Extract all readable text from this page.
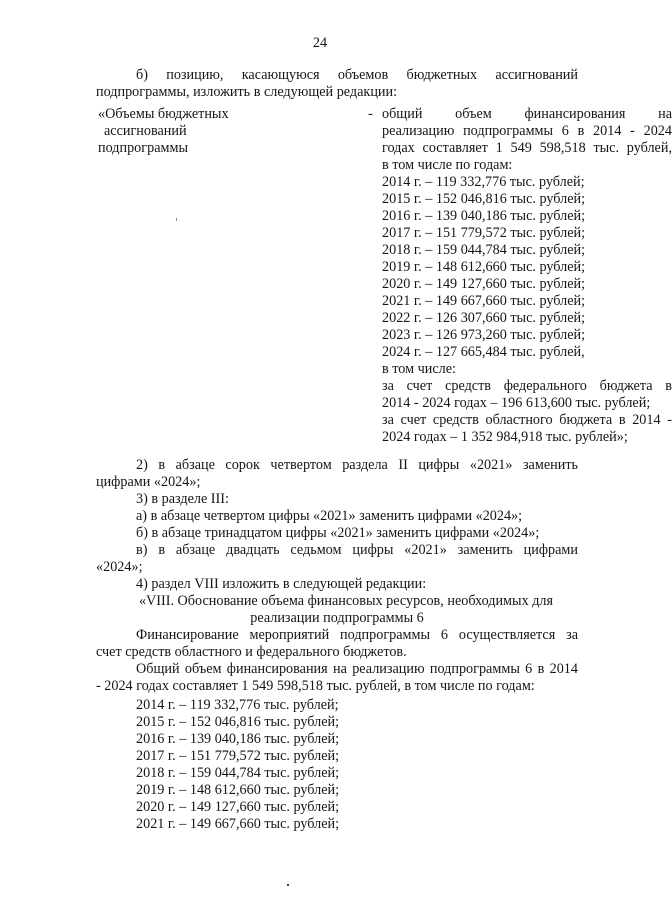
24
б) позицию, касающуюся объемов бюджетных ассигнований
подпрограммы, изложить в следующей редакции:

«Объемы бюджетных

ассигнований

подпрограммы

- общий объем финансирования на

реализацию подпрограммы 6 в 2014 - 2024

годах составляет 1 549 598,518 тыс. рублей,

в том числе по годам:

2014 г. – 119 332,776 тыс. рублей;

2015 г. – 152 046,816 тыс. рублей;

2016 г. – 139 040,186 тыс. рублей;

2017 г. – 151 779,572 тыс. рублей;

2018 г. – 159 044,784 тыс. рублей;

2019 г. – 148 612,660 тыс. рублей;

2020 г. – 149 127,660 тыс. рублей;

2021 г. – 149 667,660 тыс. рублей;

2022 г. – 126 307,660 тыс. рублей;

2023 г. – 126 973,260 тыс. рублей;

2024 г. – 127 665,484 тыс. рублей,

в том числе:

за счет средств федерального бюджета в

2014 - 2024 годах – 196 613,600 тыс. рублей;

за счет средств областного бюджета в 2014 -

2024 годах – 1 352 984,918 тыс. рублей»;

2) в абзаце сорок четвертом раздела II цифры «2021» заменить

цифрами «2024»;

3) в разделе III:

а) в абзаце четвертом цифры «2021» заменить цифрами «2024»;

б) в абзаце тринадцатом цифры «2021» заменить цифрами «2024»;

в) в абзаце двадцать седьмом цифры «2021» заменить цифрами

«2024»;

4) раздел VIII изложить в следующей редакции:

«VIII. Обоснование объема финансовых ресурсов, необходимых для

реализации подпрограммы 6

Финансирование мероприятий подпрограммы 6 осуществляется за

счет средств областного и федерального бюджетов.

Общий объем финансирования на реализацию подпрограммы 6 в 2014

- 2024 годах составляет 1 549 598,518 тыс. рублей, в том числе по годам:

2014 г. – 119 332,776 тыс. рублей;

2015 г. – 152 046,816 тыс. рублей;

2016 г. – 139 040,186 тыс. рублей;

2017 г. – 151 779,572 тыс. рублей;

2018 г. – 159 044,784 тыс. рублей;

2019 г. – 148 612,660 тыс. рублей;

2020 г. – 149 127,660 тыс. рублей;

2021 г. – 149 667,660 тыс. рублей;
